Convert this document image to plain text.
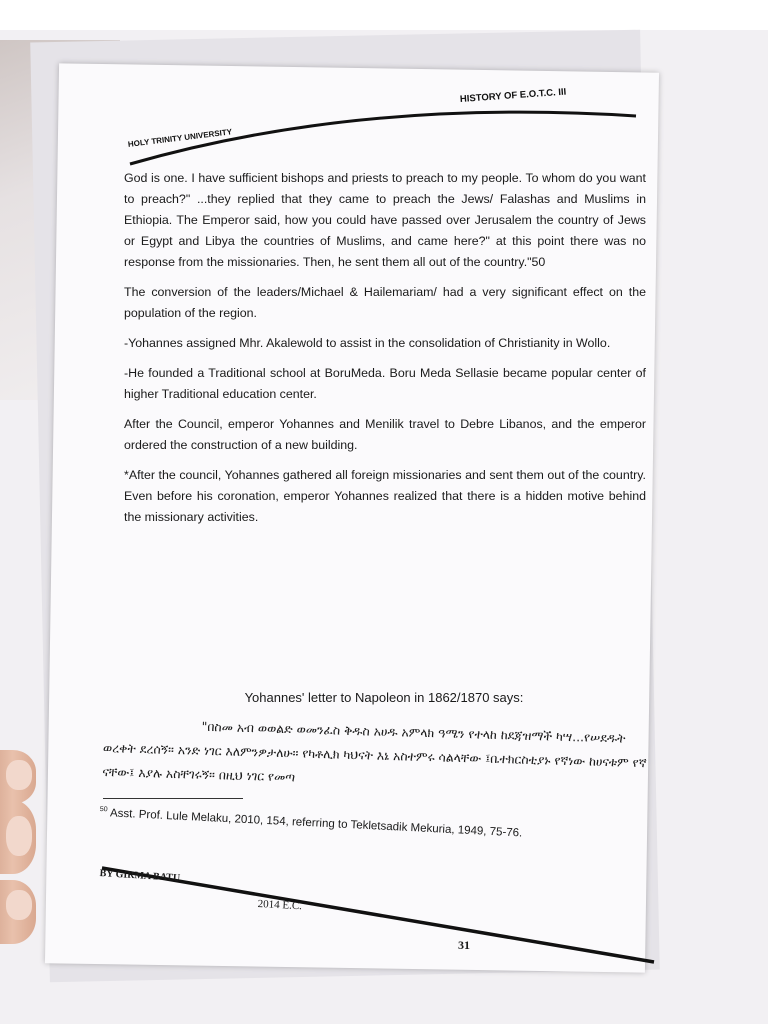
HOLY TRINITY UNIVERSITY
HISTORY OF E.O.T.C. III

God is one. I have sufficient bishops and priests to preach to my people. To whom do you want to preach?" ...they replied that they came to preach the Jews/ Falashas and Muslims in Ethiopia. The Emperor said, how you could have passed over Jerusalem the country of Jews or Egypt and Libya the countries of Muslims, and came here?" at this point there was no response from the missionaries. Then, he sent them all out of the country."50

The conversion of the leaders/Michael & Hailemariam/ had a very significant effect on the population of the region.

-Yohannes assigned Mhr. Akalewold to assist in the consolidation of Christianity in Wollo.

-He founded a Traditional school at BoruMeda. Boru Meda Sellasie became popular center of higher Traditional education center.

After the Council, emperor Yohannes and Menilik travel to Debre Libanos, and the emperor ordered the construction of a new building.

*After the council, Yohannes gathered all foreign missionaries and sent them out of the country. Even before his coronation, emperor Yohannes realized that there is a hidden motive behind the missionary activities.

Yohannes' letter to Napoleon in 1862/1870 says:
"በስመ አብ ወወልድ ወመንፈስ ቅዱስ አሀዱ አምላክ ዓሜን የተላከ ከደጃዝማች ካሣ...የሠደዱት ወረቀት ደረሰኝ፡፡ አንድ ነገር እለምንዎታለሁ፡፡ የካቶሊክ ካህናት እኔ አስተምሩ ሳልላቸው ፤ቤተክርስቲያኑ የኛነው ከሀናቱም የኛ ናቸው፤ እያሉ አስቸገሩኝ፡፡ በዚህ ነገር የመጣ
$^{50}$ Asst. Prof. Lule Melaku, 2010, 154, referring to Tekletsadik Mekuria, 1949, 75-76.
BY GIRMA BATU
2014 E.C.
31
